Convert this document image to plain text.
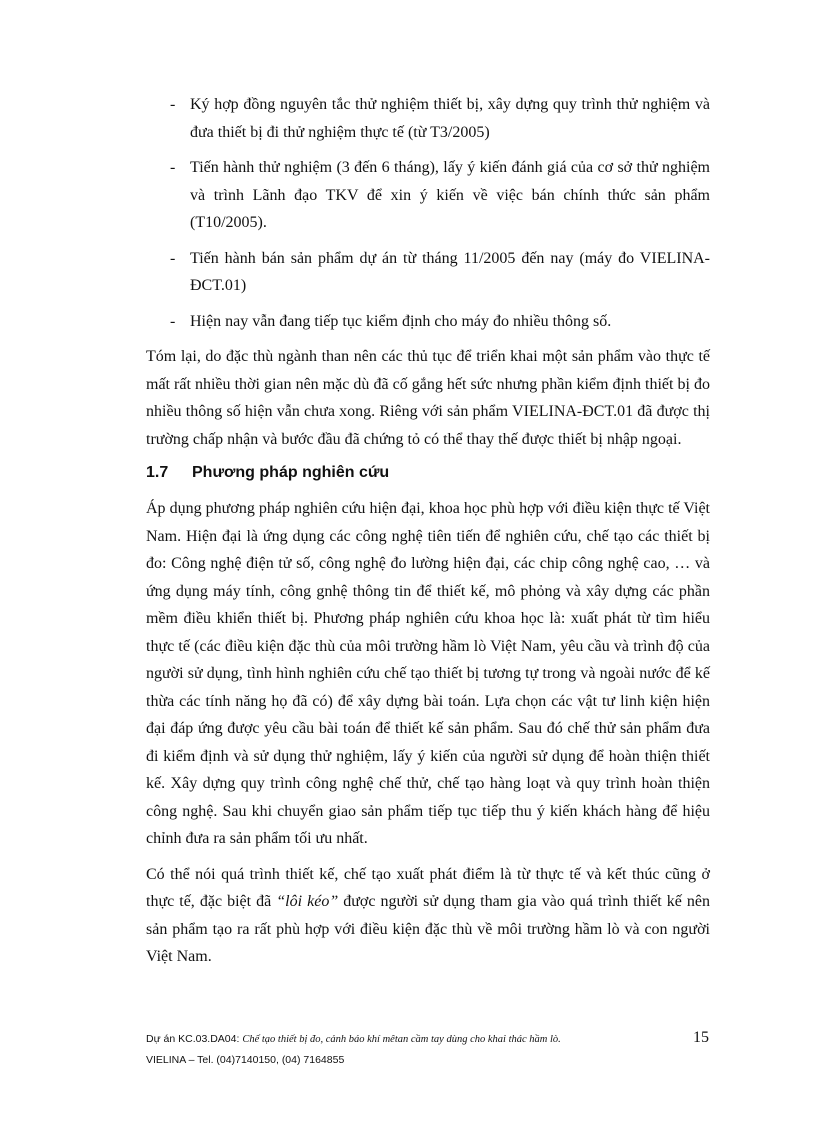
- Ký hợp đồng nguyên tắc thử nghiệm thiết bị, xây dựng quy trình thử nghiệm và đưa thiết bị đi thử nghiệm thực tế (từ T3/2005)
- Tiến hành thử nghiệm (3 đến 6 tháng), lấy ý kiến đánh giá của cơ sở thử nghiệm và trình Lãnh đạo TKV để xin ý kiến về việc bán chính thức sản phẩm (T10/2005).
- Tiến hành bán sản phẩm dự án từ tháng 11/2005 đến nay (máy đo VIELINA-ĐCT.01)
- Hiện nay vẫn đang tiếp tục kiểm định cho máy đo nhiều thông số.

Tóm lại, do đặc thù ngành than nên các thủ tục để triển khai một sản phẩm vào thực tế mất rất nhiều thời gian nên mặc dù đã cố gắng hết sức nhưng phần kiểm định thiết bị đo nhiều thông số hiện vẫn chưa xong. Riêng với sản phẩm VIELINA-ĐCT.01 đã được thị trường chấp nhận và bước đầu đã chứng tỏ có thể thay thế được thiết bị nhập ngoại.

1.7	Phương pháp nghiên cứu

Áp dụng phương pháp nghiên cứu hiện đại, khoa học phù hợp với điều kiện thực tế Việt Nam. Hiện đại là ứng dụng các công nghệ tiên tiến để nghiên cứu, chế tạo các thiết bị đo: Công nghệ điện tử số, công nghệ đo lường hiện đại, các chip công nghệ cao, … và ứng dụng máy tính, công gnhệ thông tin để thiết kế, mô phỏng và xây dựng các phần mềm điều khiển thiết bị. Phương pháp nghiên cứu khoa học là: xuất phát từ tìm hiểu thực tế (các điều kiện đặc thù của môi trường hầm lò Việt Nam, yêu cầu và trình độ của người sử dụng, tình hình nghiên cứu chế tạo thiết bị tương tự trong và ngoài nước để kế thừa các tính năng họ đã có) để xây dựng bài toán. Lựa chọn các vật tư linh kiện hiện đại đáp ứng được yêu cầu bài toán để thiết kế sản phẩm. Sau đó chế thử sản phẩm đưa đi kiểm định và sử dụng thử nghiệm, lấy ý kiến của người sử dụng để hoàn thiện thiết kế. Xây dựng quy trình công nghệ chế thử, chế tạo hàng loạt và quy trình hoàn thiện công nghệ. Sau khi chuyển giao sản phẩm tiếp tục tiếp thu ý kiến khách hàng để hiệu chỉnh đưa ra sản phẩm tối ưu nhất.

Có thể nói quá trình thiết kế, chế tạo xuất phát điểm là từ thực tế và kết thúc cũng ở thực tế, đặc biệt đã “lôi kéo” được người sử dụng tham gia vào quá trình thiết kế nên sản phẩm tạo ra rất phù hợp với điều kiện đặc thù về môi trường hầm lò và con người Việt Nam.

Dự án KC.03.DA04: Chế tạo thiết bị đo, cảnh báo khí mêtan cầm tay dùng cho khai thác hầm lò.
VIELINA – Tel. (04)7140150, (04) 7164855
15
